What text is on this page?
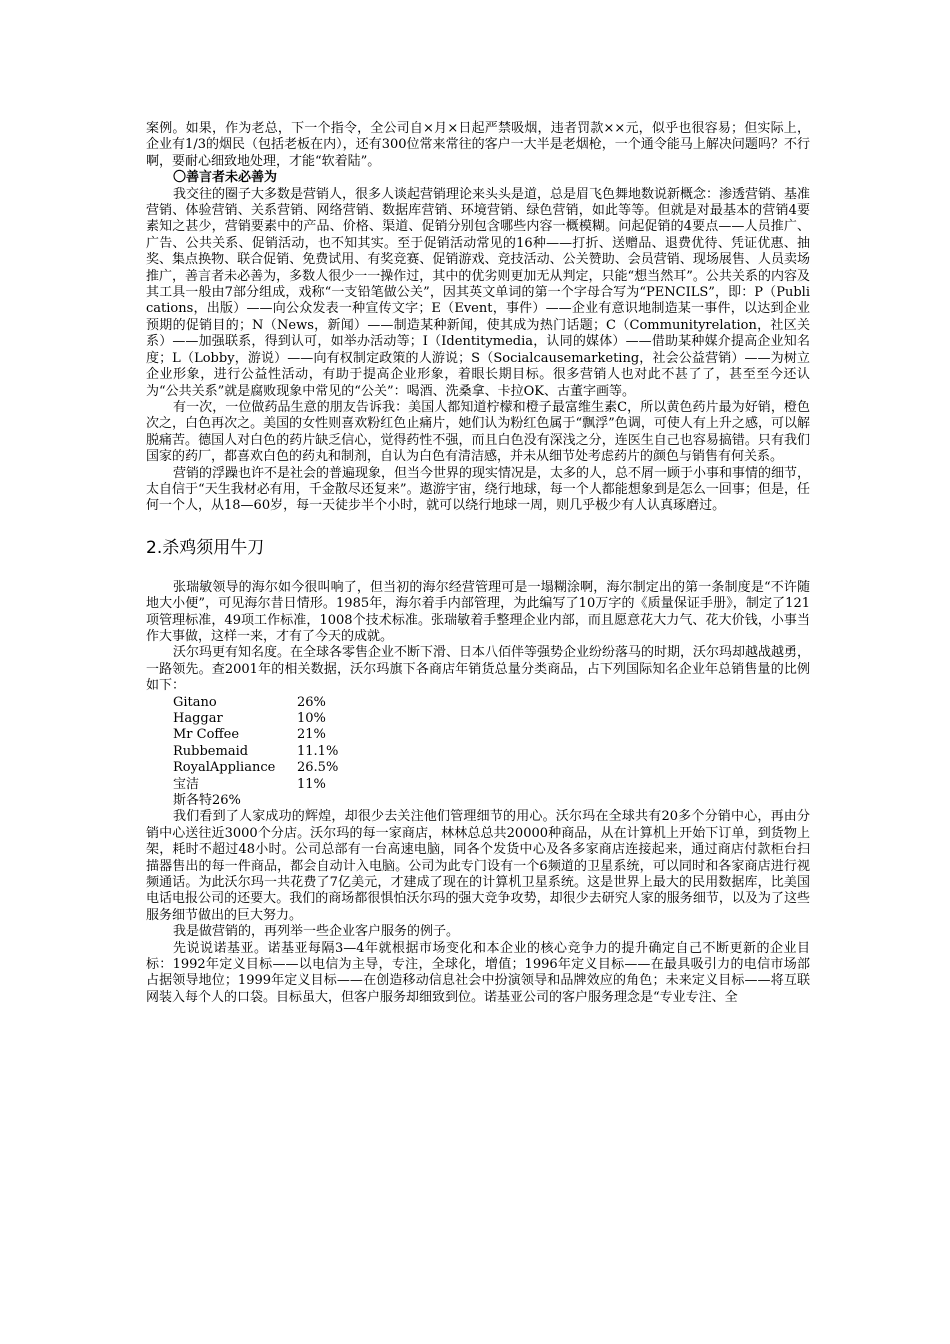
案例。如果，作为老总，下一个指令，全公司自×月×日起严禁吸烟，违者罚款××元，似乎也很容易；但实际上，企业有1/3的烟民（包括老板在内），还有300位常来常往的客户一大半是老烟枪，一个通令能马上解决问题吗？不行啊，要耐心细致地处理，才能“软着陆”。

〇善言者未必善为

我交往的圈子大多数是营销人，很多人谈起营销理论来头头是道，总是眉飞色舞地数说新概念：渗透营销、基准营销、体验营销、关系营销、网络营销、数据库营销、环境营销、绿色营销，如此等等。但就是对最基本的营销4要素知之甚少，营销要素中的产品、价格、渠道、促销分别包含哪些内容一概模糊。问起促销的4要点——人员推广、广告、公共关系、促销活动，也不知其实。至于促销活动常见的16种——打折、送赠品、退费优待、凭证优惠、抽奖、集点换物、联合促销、免费试用、有奖竞赛、促销游戏、竞技活动、公关赞助、会员营销、现场展售、人员卖场推广，善言者未必善为，多数人很少一一操作过，其中的优劣则更加无从判定，只能“想当然耳”。公共关系的内容及其工具一般由7部分组成，戏称“一支铅笔做公关”，因其英文单词的第一个字母合写为“PENCILS”，即：P（Publications，出版）——向公众发表一种宣传文字；E（Event，事件）——企业有意识地制造某一事件，以达到企业预期的促销目的；N（News，新闻）——制造某种新闻，使其成为热门话题；C（Communityrelation，社区关系）——加强联系，得到认可，如举办活动等；I（Identitymedia，认同的媒体）——借助某种媒介提高企业知名度；L（Lobby，游说）——向有权制定政策的人游说；S（Socialcausemarketing，社会公益营销）——为树立企业形象，进行公益性活动，有助于提高企业形象，着眼长期目标。很多营销人也对此不甚了了，甚至至今还认为“公共关系”就是腐败现象中常见的“公关”：喝酒、洗桑拿、卡拉OK、古董字画等。

有一次，一位做药品生意的朋友告诉我：美国人都知道柠檬和橙子最富维生素C，所以黄色药片最为好销，橙色次之，白色再次之。美国的女性则喜欢粉红色止痛片，她们认为粉红色属于“飘浮”色调，可使人有上升之感，可以解脱痛苦。德国人对白色的药片缺乏信心，觉得药性不强，而且白色没有深浅之分，连医生自己也容易搞错。只有我们国家的药厂，都喜欢白色的药丸和制剂，自认为白色有清洁感，并未从细节处考虑药片的颜色与销售有何关系。

营销的浮躁也许不是社会的普遍现象，但当今世界的现实情况是，太多的人，总不屑一顾于小事和事情的细节，太自信于“天生我材必有用，千金散尽还复来”。遨游宇宙，绕行地球，每一个人都能想象到是怎么一回事；但是，任何一个人，从18—60岁，每一天徒步半个小时，就可以绕行地球一周，则几乎极少有人认真琢磨过。

2.杀鸡须用牛刀

张瑞敏领导的海尔如今很叫响了，但当初的海尔经营管理可是一塌糊涂啊，海尔制定出的第一条制度是“不许随地大小便”，可见海尔昔日情形。1985年，海尔着手内部管理，为此编写了10万字的《质量保证手册》，制定了121项管理标准，49项工作标准，1008个技术标准。张瑞敏着手整理企业内部，而且愿意花大力气、花大价钱，小事当作大事做，这样一来，才有了今天的成就。

沃尔玛更有知名度。在全球各零售企业不断下滑、日本八佰伴等强势企业纷纷落马的时期，沃尔玛却越战越勇，一路领先。查2001年的相关数据，沃尔玛旗下各商店年销货总量分类商品，占下列国际知名企业年总销售量的比例如下：

Gitano	26%
Haggar	10%
Mr Coffee	21%
Rubbemaid	11.1%
RoyalAppliance	26.5%
宝洁	11%
斯各特26%

我们看到了人家成功的辉煌，却很少去关注他们管理细节的用心。沃尔玛在全球共有20多个分销中心，再由分销中心送往近3000个分店。沃尔玛的每一家商店，林林总总共20000种商品，从在计算机上开始下订单，到货物上架，耗时不超过48小时。公司总部有一台高速电脑，同各个发货中心及各多家商店连接起来，通过商店付款柜台扫描器售出的每一件商品，都会自动计入电脑。公司为此专门设有一个6频道的卫星系统，可以同时和各家商店进行视频通话。为此沃尔玛一共花费了7亿美元，才建成了现在的计算机卫星系统。这是世界上最大的民用数据库，比美国电话电报公司的还要大。我们的商场都很惧怕沃尔玛的强大竞争攻势，却很少去研究人家的服务细节，以及为了这些服务细节做出的巨大努力。

我是做营销的，再列举一些企业客户服务的例子。

先说说诺基亚。诺基亚每隔3—4年就根据市场变化和本企业的核心竞争力的提升确定自己不断更新的企业目标：1992年定义目标——以电信为主导，专注，全球化，增值；1996年定义目标——在最具吸引力的电信市场部占据领导地位；1999年定义目标——在创造移动信息社会中扮演领导和品牌效应的角色；未来定义目标——将互联网装入每个人的口袋。目标虽大，但客户服务却细致到位。诺基亚公司的客户服务理念是“专业专注、全
